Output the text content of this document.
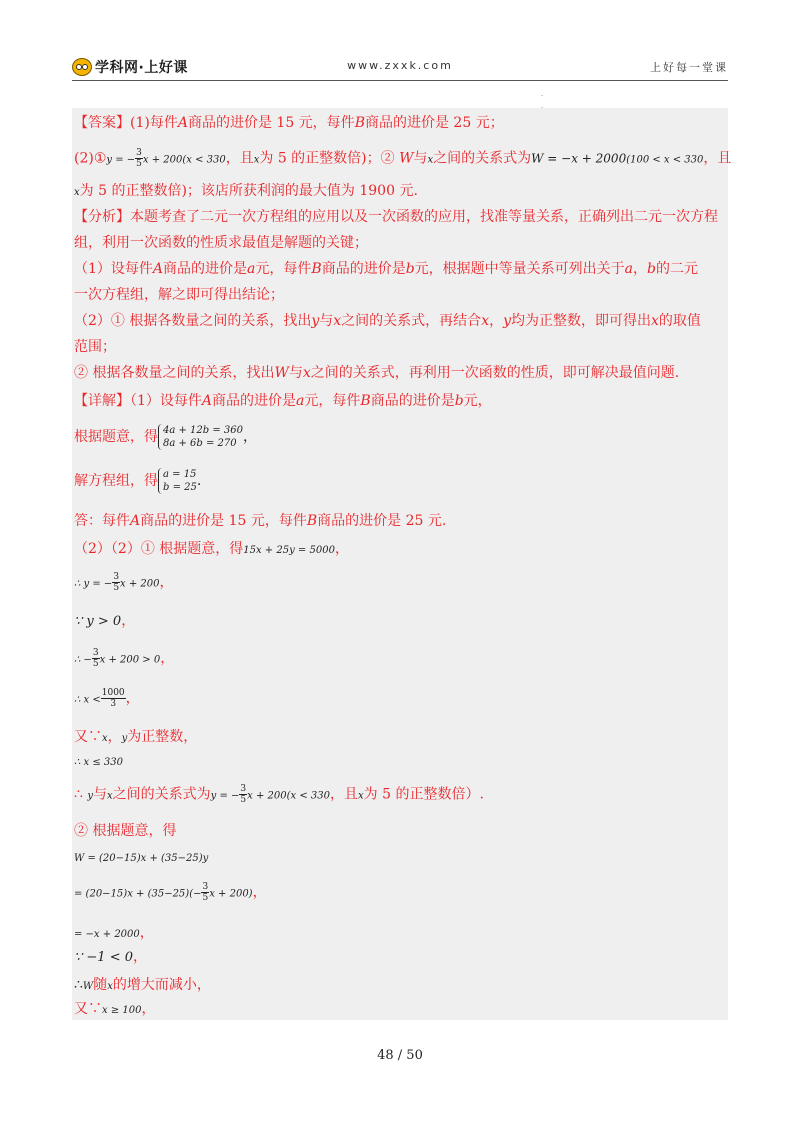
学科网·上好课	www.zxxk.com	上好每一堂课
·

【答案】(1)每件A商品的进价是 15 元，每件B商品的进价是 25 元；
(2)①y = − $\frac{3}{5}$ x + 200(x < 330，且x为 5 的正整数倍)；② W与x之间的关系式为W = −x + 2000(100 < x < 330，且
x为 5 的正整数倍)；该店所获利润的最大值为 1900 元.
【分析】本题考查了二元一次方程组的应用以及一次函数的应用，找准等量关系，正确列出二元一次方程
组，利用一次函数的性质求最值是解题的关键；
（1）设每件A商品的进价是a元，每件B商品的进价是b元，根据题中等量关系可列出关于a，b的二元
一次方程组，解之即可得出结论；
（2）① 根据各数量之间的关系，找出y与x之间的关系式，再结合x，y均为正整数，即可得出x的取值
范围；
② 根据各数量之间的关系，找出W与x之间的关系式，再利用一次函数的性质，即可解决最值问题.
【详解】（1）设每件A商品的进价是a元，每件B商品的进价是b元，
根据题意，得 4a + 12b = 360
8a + 6b = 270 ，
解方程组，得 a = 15
b = 25 .
答：每件A商品的进价是 15 元，每件B商品的进价是 25 元.
（2）（2）① 根据题意，得15x + 25y = 5000，
∴ y = − $\frac{3}{5}$ x + 200，
∵ y > 0，
∴ − $\frac{3}{5}$ x + 200 > 0，
∴ $x < \frac{1000}{3}$ ，
又∵x，y为正整数，
∴ x ≤ 330
∴ y与x之间的关系式为y = − $\frac{3}{5}$ x + 200(x < 330，且x为 5 的正整数倍）.
② 根据题意，得
W = (20−15)x + (35−25)y
= $(20-15)x + (35-25)(- \frac{3}{5}$ x + 200)，
= −x + 2000，
∵ −1 < 0，
∴W随x的增大而减小，
又∵x ≥ 100，
48 / 50
